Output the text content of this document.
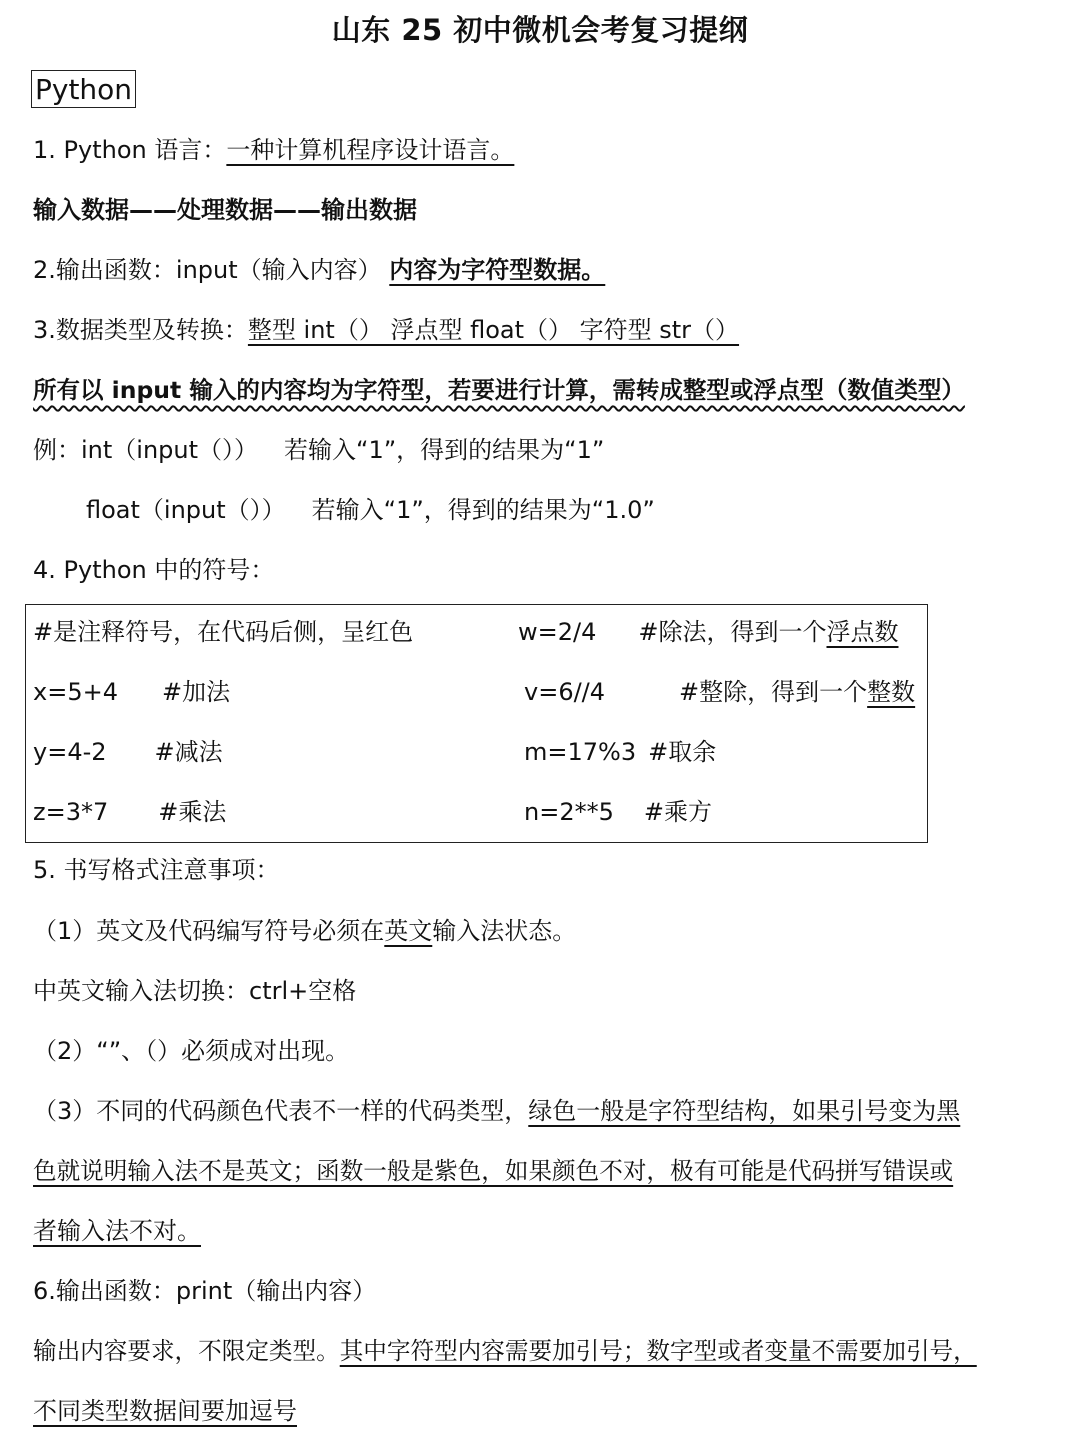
山东 25 初中微机会考复习提纲
Python
1. Python 语言：一种计算机程序设计语言。
输入数据——处理数据——输出数据
2.输出函数：input（输入内容） 内容为字符型数据。
3.数据类型及转换：整型 int（） 浮点型 float（） 字符型 str（）
所有以 input 输入的内容均为字符型，若要进行计算，需转成整型或浮点型（数值类型）
例：int（input（）） 若输入“1”，得到的结果为“1”
float（input（）） 若输入“1”，得到的结果为“1.0”
4. Python 中的符号：
#是注释符号，在代码后侧，呈红色	w=2/4 #除法，得到一个浮点数
x=5+4 #加法	v=6//4	#整除，得到一个整数
y=4-2 #减法	m=17%3 #取余
z=3*7 #乘法	n=2**5 #乘方
5. 书写格式注意事项：
（1）英文及代码编写符号必须在英文输入法状态。
中英文输入法切换：ctrl+空格
（2）“”、（）必须成对出现。
（3）不同的代码颜色代表不一样的代码类型，绿色一般是字符型结构，如果引号变为黑
色就说明输入法不是英文；函数一般是紫色，如果颜色不对，极有可能是代码拼写错误或
者输入法不对。
6.输出函数：print（输出内容）
输出内容要求，不限定类型。其中字符型内容需要加引号；数字型或者变量不需要加引号，
不同类型数据间要加逗号
